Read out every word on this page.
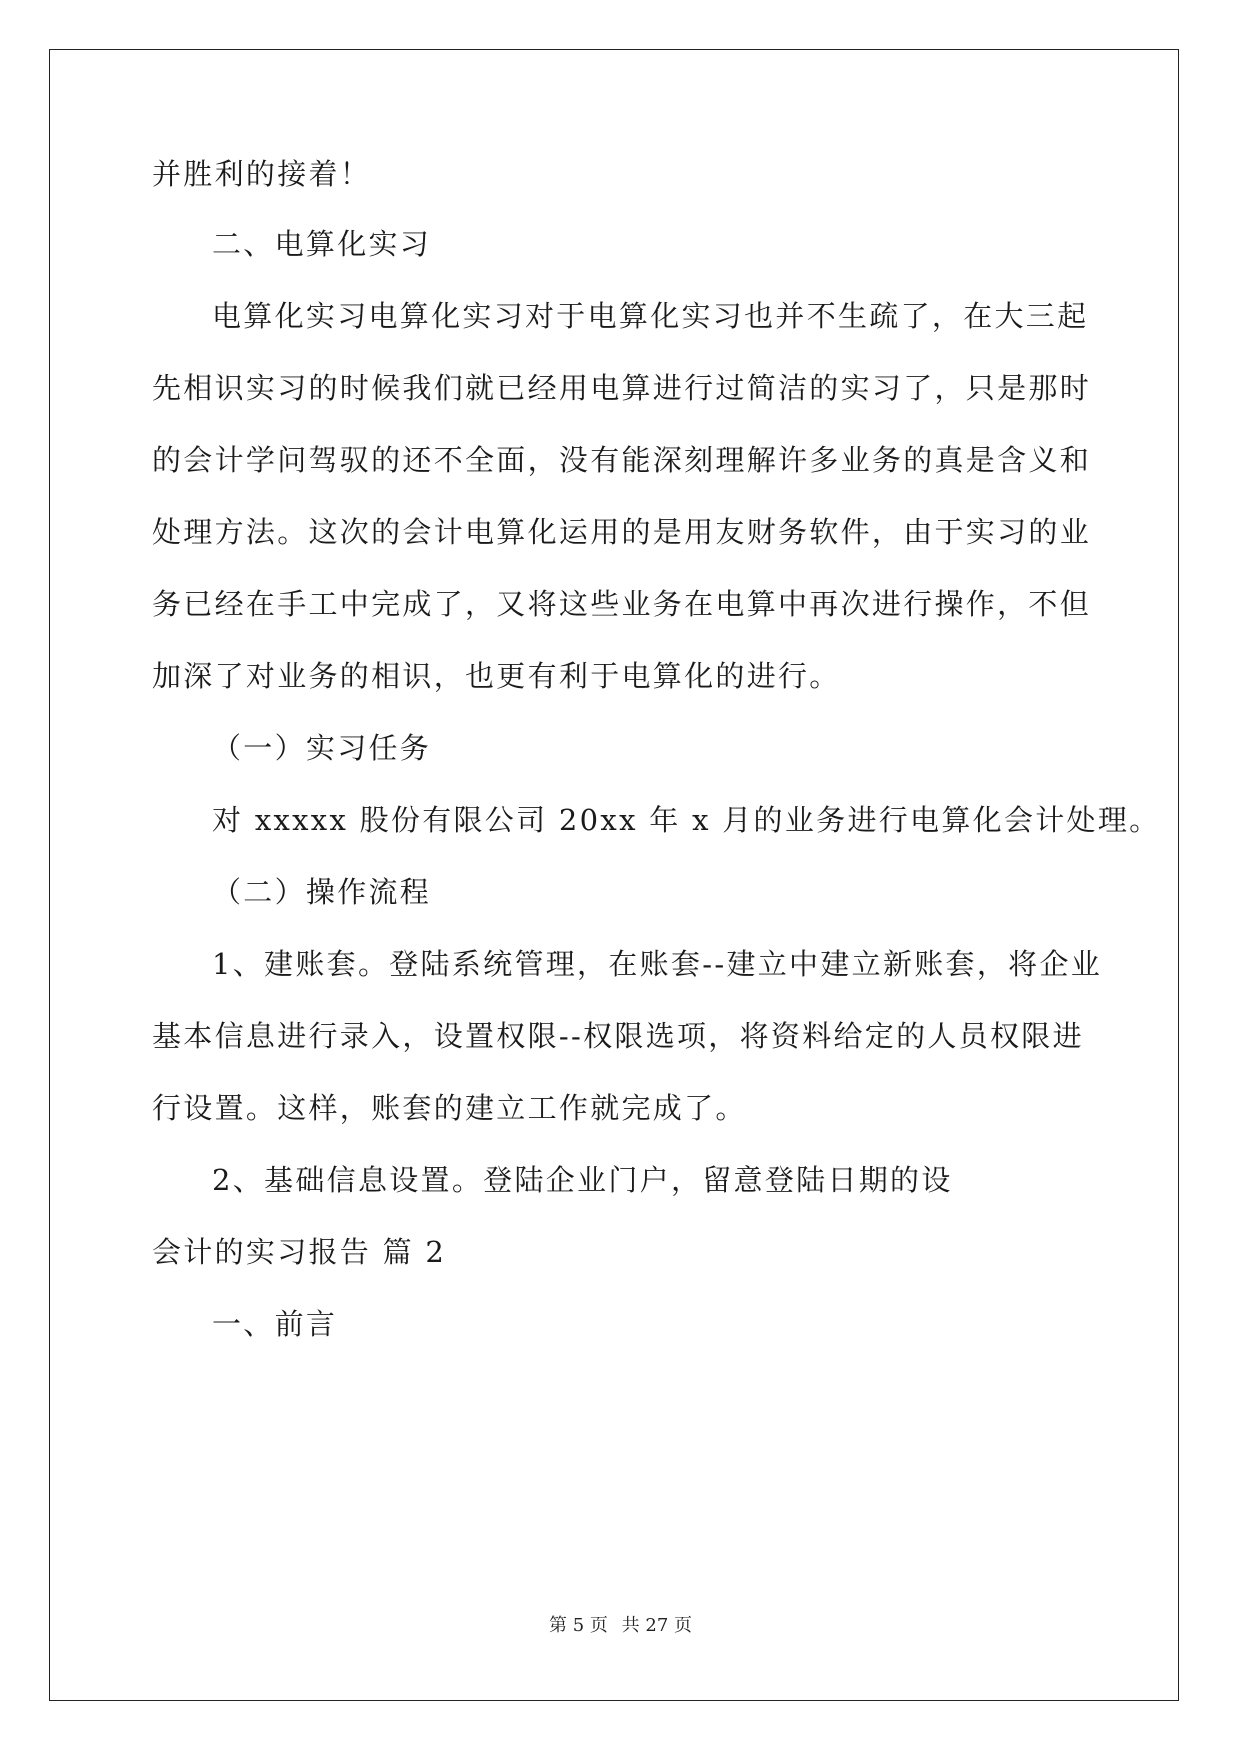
并胜利的接着！
二、电算化实习
电算化实习电算化实习对于电算化实习也并不生疏了，在大三起
先相识实习的时候我们就已经用电算进行过简洁的实习了，只是那时
的会计学问驾驭的还不全面，没有能深刻理解许多业务的真是含义和
处理方法。这次的会计电算化运用的是用友财务软件，由于实习的业
务已经在手工中完成了，又将这些业务在电算中再次进行操作，不但
加深了对业务的相识，也更有利于电算化的进行。
（一）实习任务
对 xxxxx 股份有限公司 20xx 年 x 月的业务进行电算化会计处理。
（二）操作流程
1、建账套。登陆系统管理，在账套--建立中建立新账套，将企业
基本信息进行录入，设置权限--权限选项，将资料给定的人员权限进
行设置。这样，账套的建立工作就完成了。
2、基础信息设置。登陆企业门户，留意登陆日期的设
会计的实习报告 篇 2
一、前言
第 5 页 共 27 页
